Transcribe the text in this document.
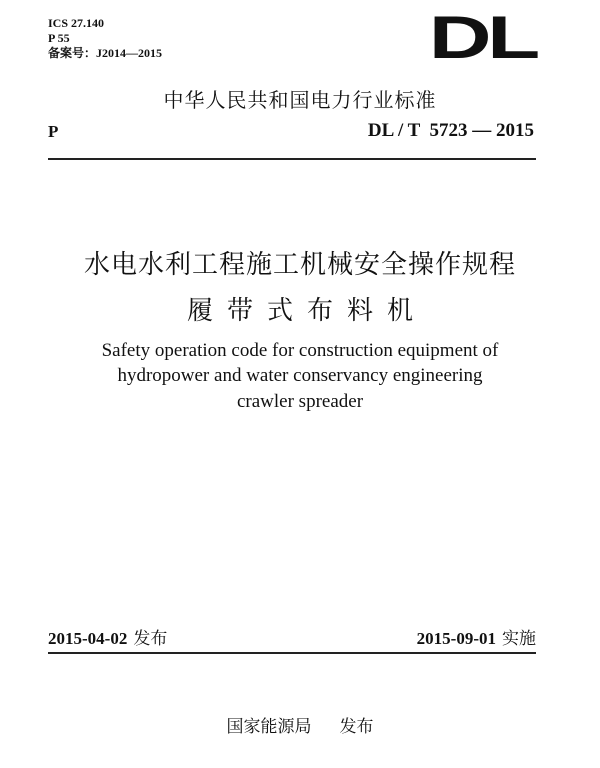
ICS 27.140
P 55
备案号：J2014—2015	DL
中华人民共和国电力行业标准
P	DL / T  5723 — 2015
水电水利工程施工机械安全操作规程
履带式布料机
Safety operation code for construction equipment of
hydropower and water conservancy engineering
crawler spreader
2015-04-02 发布	2015-09-01 实施
国家能源局 发布
